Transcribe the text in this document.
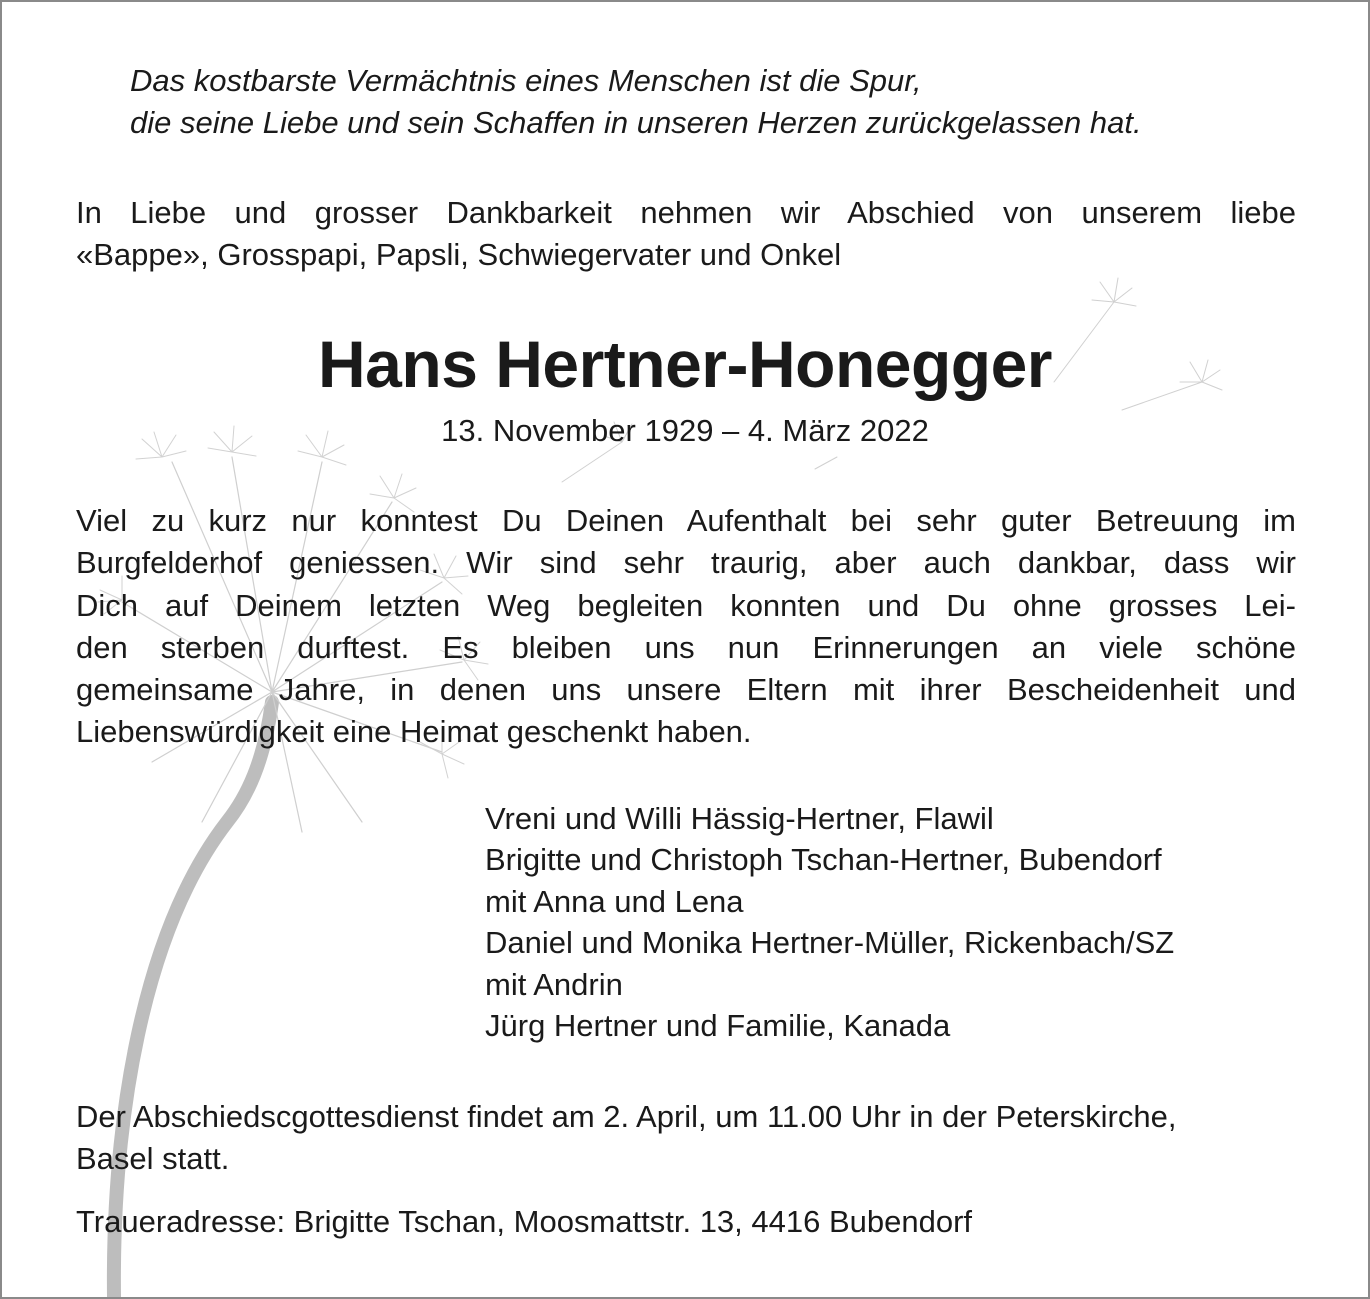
Das kostbarste Vermächtnis eines Menschen ist die Spur,
die seine Liebe und sein Schaffen in unseren Herzen zurückgelassen hat.
In Liebe und grosser Dankbarkeit nehmen wir Abschied von unserem liebe
«Bappe», Grosspapi, Papsli, Schwiegervater und Onkel
Hans Hertner-Honegger
13. November 1929 – 4. März 2022
Viel zu kurz nur konntest Du Deinen Aufenthalt bei sehr guter Betreuung im
Burgfelderhof geniessen. Wir sind sehr traurig, aber auch dankbar, dass wir
Dich auf Deinem letzten Weg begleiten konnten und Du ohne grosses Lei-
den sterben durftest. Es bleiben uns nun Erinnerungen an viele schöne
gemeinsame Jahre, in denen uns unsere Eltern mit ihrer Bescheidenheit und
Liebenswürdigkeit eine Heimat geschenkt haben.
Vreni und Willi Hässig-Hertner, Flawil
Brigitte und Christoph Tschan-Hertner, Bubendorf
mit Anna und Lena
Daniel und Monika Hertner-Müller, Rickenbach/SZ
mit Andrin
Jürg Hertner und Familie, Kanada
Der Abschiedscgottesdienst findet am 2. April, um 11.00 Uhr in der Peterskirche,
Basel statt.
Traueradresse: Brigitte Tschan, Moosmattstr. 13, 4416 Bubendorf
